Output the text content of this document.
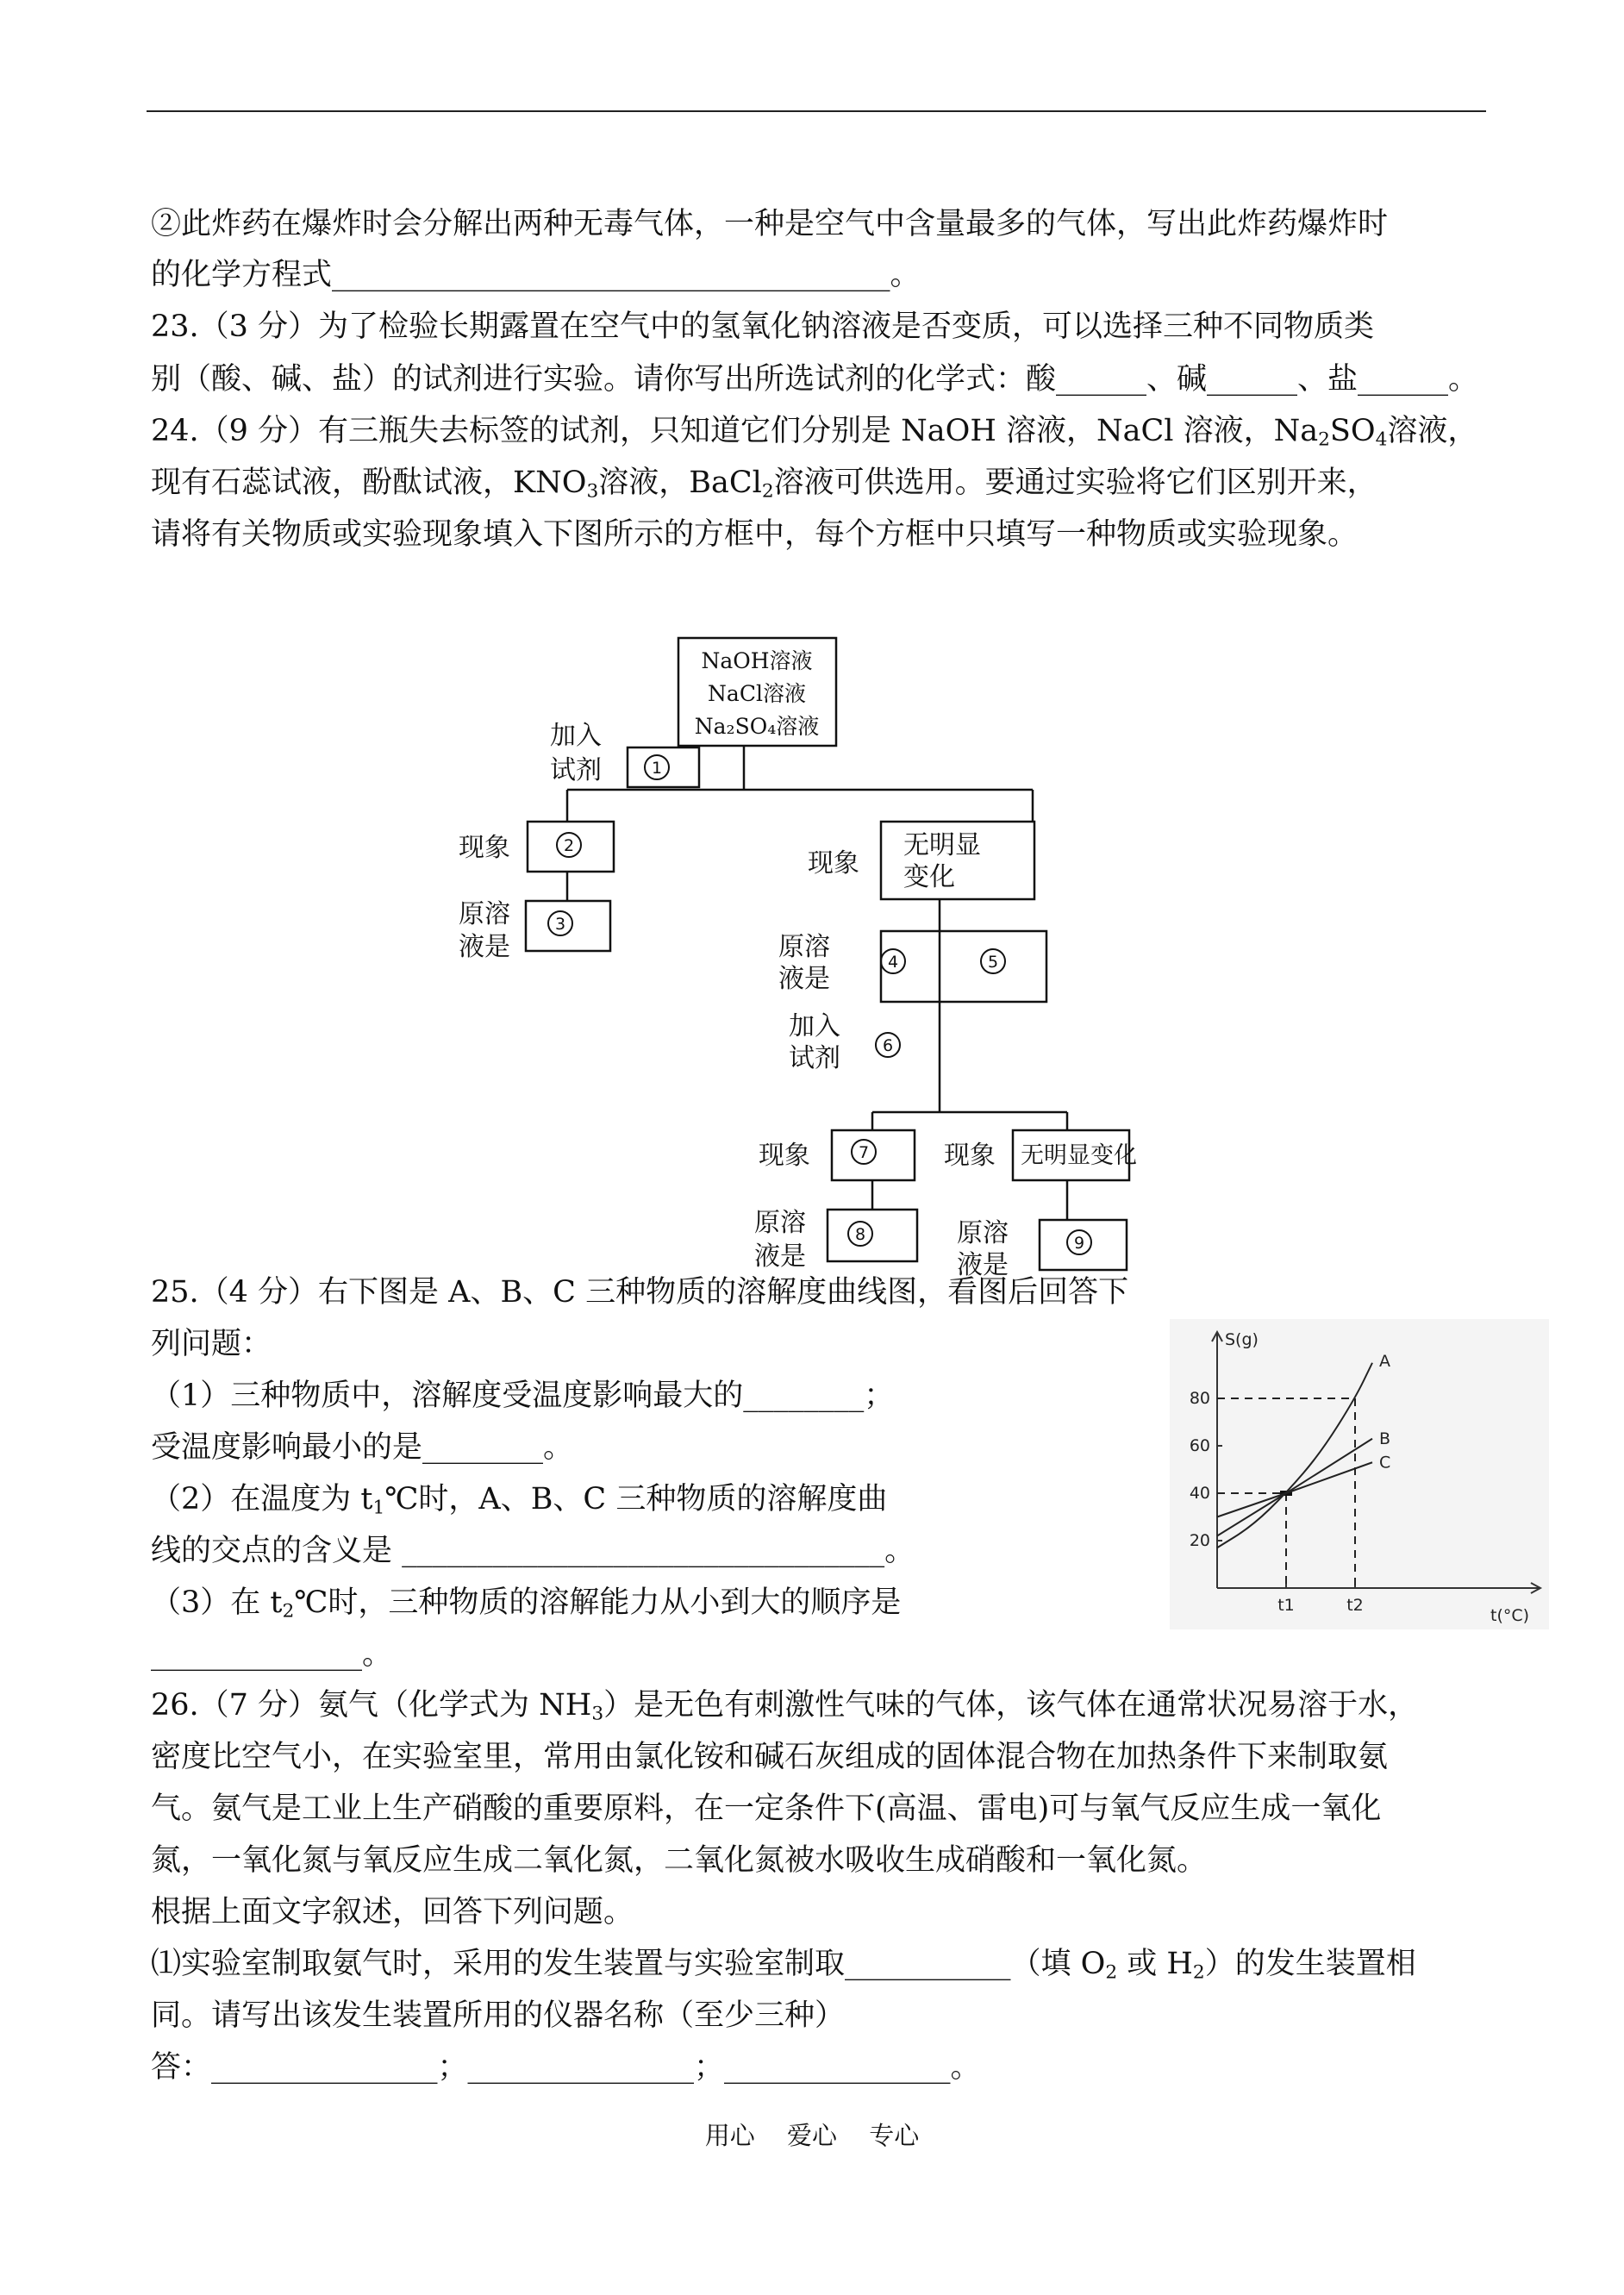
②此炸药在爆炸时会分解出两种无毒气体，一种是空气中含量最多的气体，写出此炸药爆炸时
的化学方程式_____________________________________。
23.（3 分）为了检验长期露置在空气中的氢氧化钠溶液是否变质，可以选择三种不同物质类
别（酸、碱、盐）的试剂进行实验。请你写出所选试剂的化学式：酸______、碱______、盐______。
24.（9 分）有三瓶失去标签的试剂，只知道它们分别是 NaOH 溶液，NaCl 溶液，$Na_2SO_4$溶液，
现有石蕊试液，酚酞试液，$KNO_3$溶液，BaCl$_2$溶液可供选用。要通过实验将它们区别开来，
请将有关物质或实验现象填入下图所示的方框中，每个方框中只填写一种物质或实验现象。
NaOH溶液
NaCl溶液
Na₂SO₄溶液
加入
试剂
现象
原溶
液是
现象
无明显
变化
原溶
液是
加入
试剂
现象
原溶
液是
现象 无明显变化
原溶
液是
1
2
3
4	5
6
7
8	9
25.（4 分）右下图是 A、B、C 三种物质的溶解度曲线图，看图后回答下
列问题：
（1）三种物质中，溶解度受温度影响最大的________；
受温度影响最小的是________。
（2）在温度为 $t_1℃$时，A、B、C 三种物质的溶解度曲
线的交点的含义是 ________________________________。
（3）在 $t_2℃$时，三种物质的溶解能力从小到大的顺序是
______________。
S(g)
t(°C)
20
40
60
80
t1	t2
A
B
C
26.（7 分）氨气（化学式为 $NH_3$）是无色有刺激性气味的气体，该气体在通常状况易溶于水，
密度比空气小，在实验室里，常用由氯化铵和碱石灰组成的固体混合物在加热条件下来制取氨
气。氨气是工业上生产硝酸的重要原料，在一定条件下(高温、雷电)可与氧气反应生成一氧化
氮，一氧化氮与氧反应生成二氧化氮，二氧化氮被水吸收生成硝酸和一氧化氮。
根据上面文字叙述，回答下列问题。
⑴实验室制取氨气时，采用的发生装置与实验室制取___________（填 $O_2$ 或 $H_2$）的发生装置相
同。请写出该发生装置所用的仪器名称（至少三种）
答：_______________；_______________；_______________。
用心 爱心 专心
